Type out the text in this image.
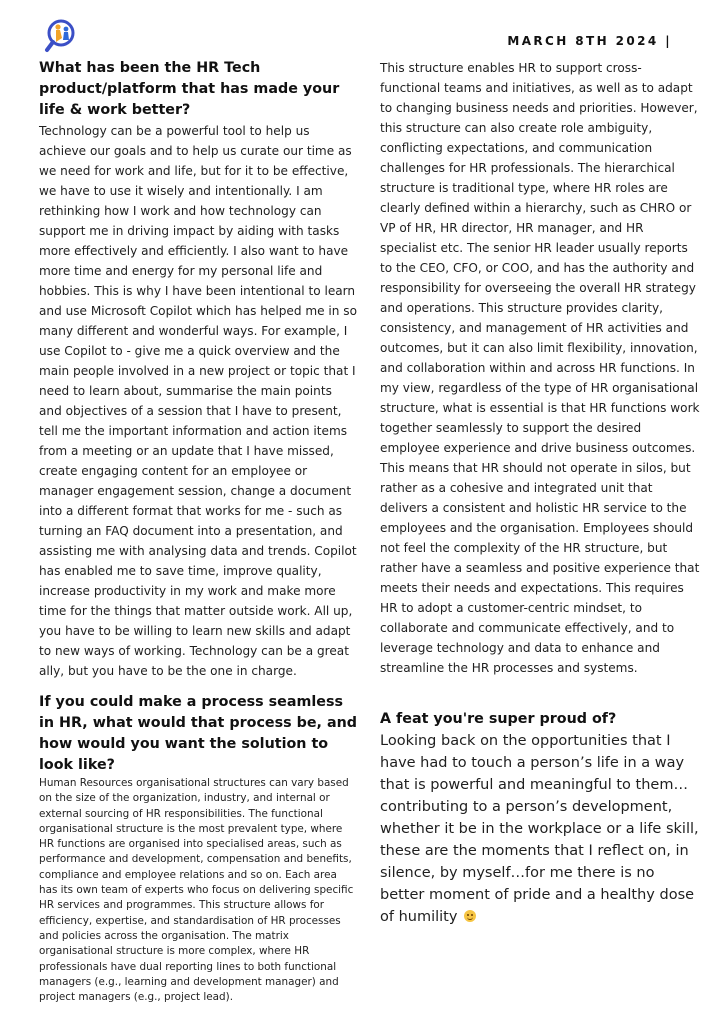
MARCH 8TH 2024 |
What has been the HR Tech product/platform that has made your life & work better?

Technology can be a powerful tool to help us achieve our goals and to help us curate our time as we need for work and life, but for it to be effective, we have to use it wisely and intentionally. I am rethinking how I work and how technology can support me in driving impact by aiding with tasks more effectively and efficiently. I also want to have more time and energy for my personal life and hobbies. This is why I have been intentional to learn and use Microsoft Copilot which has helped me in so many different and wonderful ways. For example, I use Copilot to - give me a quick overview and the main people involved in a new project or topic that I need to learn about, summarise the main points and objectives of a session that I have to present, tell me the important information and action items from a meeting or an update that I have missed, create engaging content for an employee or manager engagement session, change a document into a different format that works for me - such as turning an FAQ document into a presentation, and assisting me with analysing data and trends. Copilot has enabled me to save time, improve quality, increase productivity in my work and make more time for the things that matter outside work. All up, you have to be willing to learn new skills and adapt to new ways of working. Technology can be a great ally, but you have to be the one in charge.

If you could make a process seamless in HR, what would that process be, and how would you want the solution to look like?

Human Resources organisational structures can vary based on the size of the organization, industry, and internal or external sourcing of HR responsibilities. The functional organisational structure is the most prevalent type, where HR functions are organised into specialised areas, such as performance and development, compensation and benefits, compliance and employee relations and so on. Each area has its own team of experts who focus on delivering specific HR services and programmes. This structure allows for efficiency, expertise, and standardisation of HR processes and policies across the organisation. The matrix organisational structure is more complex, where HR professionals have dual reporting lines to both functional managers (e.g., learning and development manager) and project managers (e.g., project lead).

This structure enables HR to support cross-functional teams and initiatives, as well as to adapt to changing business needs and priorities. However, this structure can also create role ambiguity, conflicting expectations, and communication challenges for HR professionals. The hierarchical structure is traditional type, where HR roles are clearly defined within a hierarchy, such as CHRO or VP of HR, HR director, HR manager, and HR specialist etc. The senior HR leader usually reports to the CEO, CFO, or COO, and has the authority and responsibility for overseeing the overall HR strategy and operations. This structure provides clarity, consistency, and management of HR activities and outcomes, but it can also limit flexibility, innovation, and collaboration within and across HR functions. In my view, regardless of the type of HR organisational structure, what is essential is that HR functions work together seamlessly to support the desired employee experience and drive business outcomes. This means that HR should not operate in silos, but rather as a cohesive and integrated unit that delivers a consistent and holistic HR service to the employees and the organisation. Employees should not feel the complexity of the HR structure, but rather have a seamless and positive experience that meets their needs and expectations. This requires HR to adopt a customer-centric mindset, to collaborate and communicate effectively, and to leverage technology and data to enhance and streamline the HR processes and systems.

A feat you're super proud of?

Looking back on the opportunities that I have had to touch a person’s life in a way that is powerful and meaningful to them…contributing to a person’s development, whether it be in the workplace or a life skill, these are the moments that I reflect on, in silence, by myself…for me there is no better moment of pride and a healthy dose of humility
